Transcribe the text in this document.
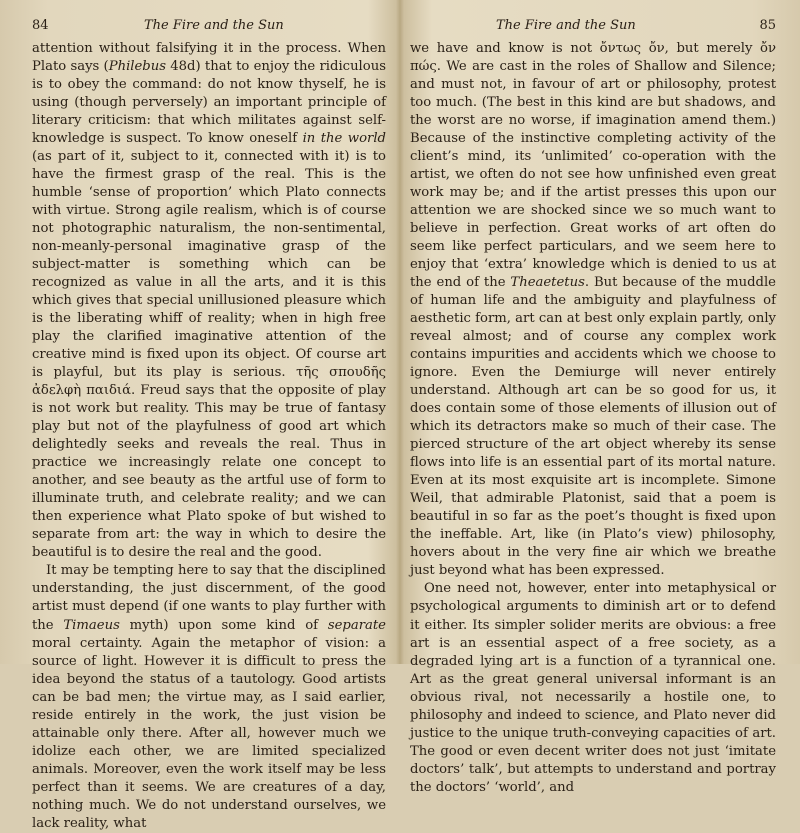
84	The Fire and the Sun

attention without falsifying it in the process. When Plato says (Philebus 48d) that to enjoy the ridiculous is to obey the command: do not know thyself, he is using (though perversely) an important principle of literary criticism: that which militates against self-knowledge is suspect. To know oneself in the world (as part of it, subject to it, connected with it) is to have the firmest grasp of the real. This is the humble ‘sense of proportion’ which Plato connects with virtue. Strong agile realism, which is of course not photographic naturalism, the non-sentimental, non-meanly-personal imaginative grasp of the subject-matter is something which can be recognized as value in all the arts, and it is this which gives that special unillusioned pleasure which is the liberating whiff of reality; when in high free play the clarified imaginative attention of the creative mind is fixed upon its object. Of course art is playful, but its play is serious. τῆς σπουδῆς ἀδελφὴ παιδιά. Freud says that the opposite of play is not work but reality. This may be true of fantasy play but not of the playfulness of good art which delightedly seeks and reveals the real. Thus in practice we increasingly relate one concept to another, and see beauty as the artful use of form to illuminate truth, and celebrate reality; and we can then experience what Plato spoke of but wished to separate from art: the way in which to desire the beautiful is to desire the real and the good.

It may be tempting here to say that the disciplined understanding, the just discernment, of the good artist must depend (if one wants to play further with the Timaeus myth) upon some kind of separate moral certainty. Again the metaphor of vision: a source of light. However it is difficult to press the idea beyond the status of a tautology. Good artists can be bad men; the virtue may, as I said earlier, reside entirely in the work, the just vision be attainable only there. After all, however much we idolize each other, we are limited specialized animals. Moreover, even the work itself may be less perfect than it seems. We are creatures of a day, nothing much. We do not understand ourselves, we lack reality, what

The Fire and the Sun	85

we have and know is not ὄντως ὄν, but merely ὄν πώς. We are cast in the roles of Shallow and Silence; and must not, in favour of art or philosophy, protest too much. (The best in this kind are but shadows, and the worst are no worse, if imagination amend them.) Because of the instinctive completing activity of the client’s mind, its ‘unlimited’ co-operation with the artist, we often do not see how unfinished even great work may be; and if the artist presses this upon our attention we are shocked since we so much want to believe in perfection. Great works of art often do seem like perfect particulars, and we seem here to enjoy that ‘extra’ knowledge which is denied to us at the end of the Theaetetus. But because of the muddle of human life and the ambiguity and playfulness of aesthetic form, art can at best only explain partly, only reveal almost; and of course any complex work contains impurities and accidents which we choose to ignore. Even the Demiurge will never entirely understand. Although art can be so good for us, it does contain some of those elements of illusion out of which its detractors make so much of their case. The pierced structure of the art object whereby its sense flows into life is an essential part of its mortal nature. Even at its most exquisite art is incomplete. Simone Weil, that admirable Platonist, said that a poem is beautiful in so far as the poet’s thought is fixed upon the ineffable. Art, like (in Plato’s view) philosophy, hovers about in the very fine air which we breathe just beyond what has been expressed.

One need not, however, enter into metaphysical or psychological arguments to diminish art or to defend it either. Its simpler solider merits are obvious: a free art is an essential aspect of a free society, as a degraded lying art is a function of a tyrannical one. Art as the great general universal informant is an obvious rival, not necessarily a hostile one, to philosophy and indeed to science, and Plato never did justice to the unique truth-conveying capacities of art. The good or even decent writer does not just ‘imitate doctors’ talk’, but attempts to understand and portray the doctors’ ‘world’, and
